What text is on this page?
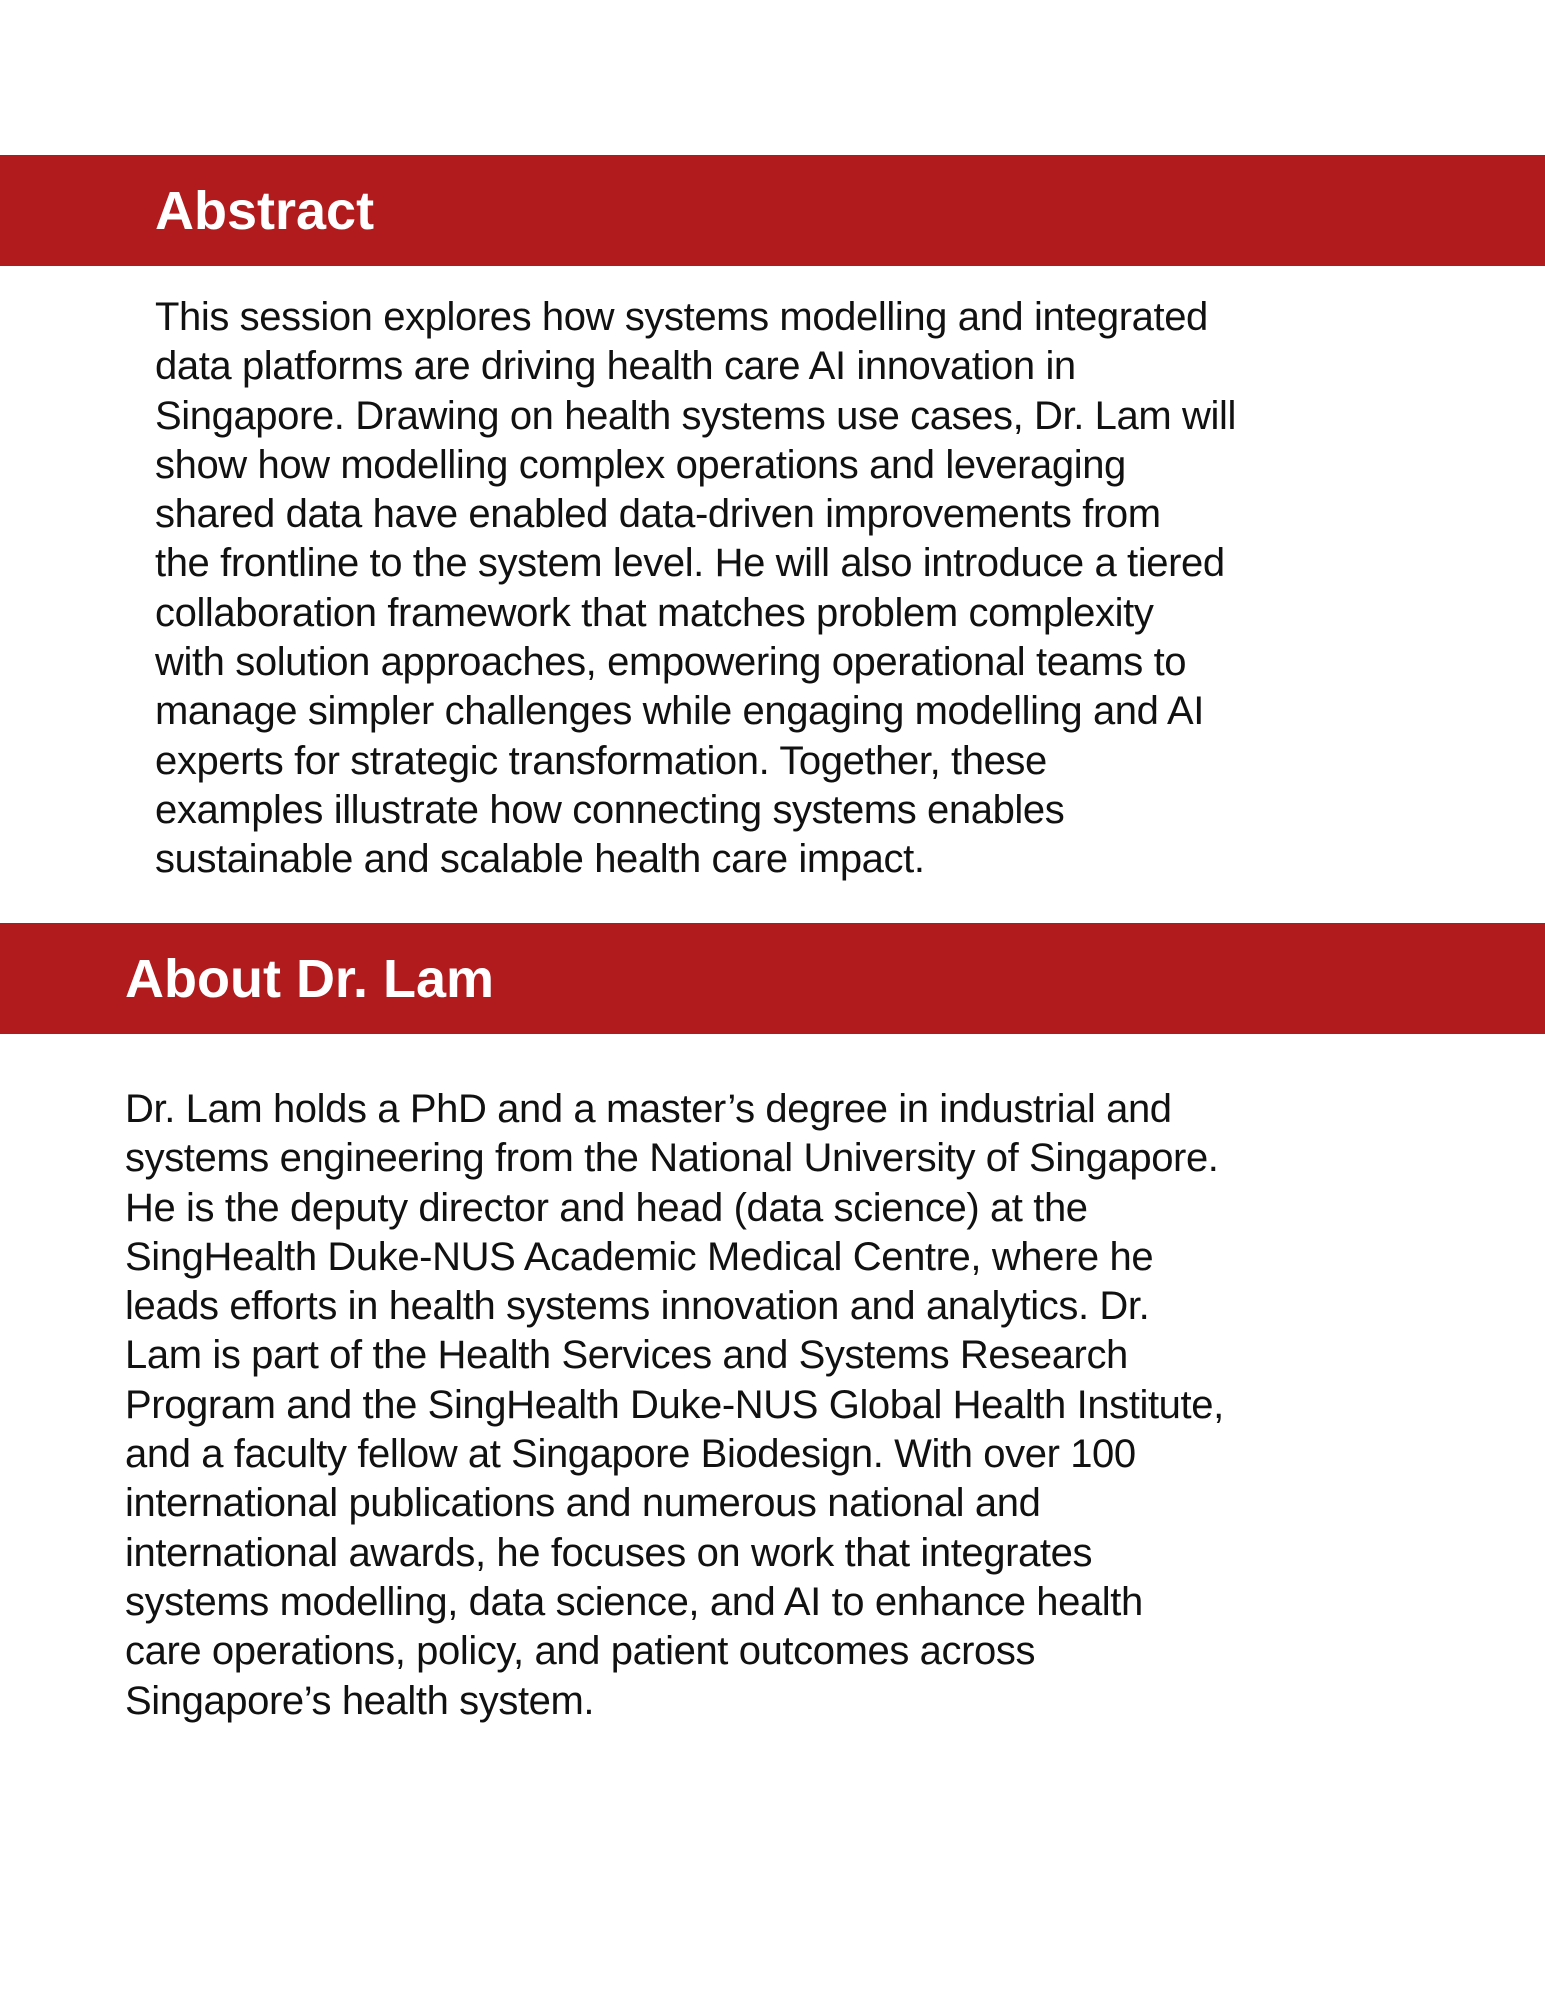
Abstract
This session explores how systems modelling and integrated
data platforms are driving health care AI innovation in
Singapore. Drawing on health systems use cases, Dr. Lam will
show how modelling complex operations and leveraging
shared data have enabled data-driven improvements from
the frontline to the system level. He will also introduce a tiered
collaboration framework that matches problem complexity
with solution approaches, empowering operational teams to
manage simpler challenges while engaging modelling and AI
experts for strategic transformation. Together, these
examples illustrate how connecting systems enables
sustainable and scalable health care impact.
About Dr. Lam
Dr. Lam holds a PhD and a master’s degree in industrial and
systems engineering from the National University of Singapore.
He is the deputy director and head (data science) at the
SingHealth Duke-NUS Academic Medical Centre, where he
leads efforts in health systems innovation and analytics. Dr.
Lam is part of the Health Services and Systems Research
Program and the SingHealth Duke-NUS Global Health Institute,
and a faculty fellow at Singapore Biodesign. With over 100
international publications and numerous national and
international awards, he focuses on work that integrates
systems modelling, data science, and AI to enhance health
care operations, policy, and patient outcomes across
Singapore’s health system.
